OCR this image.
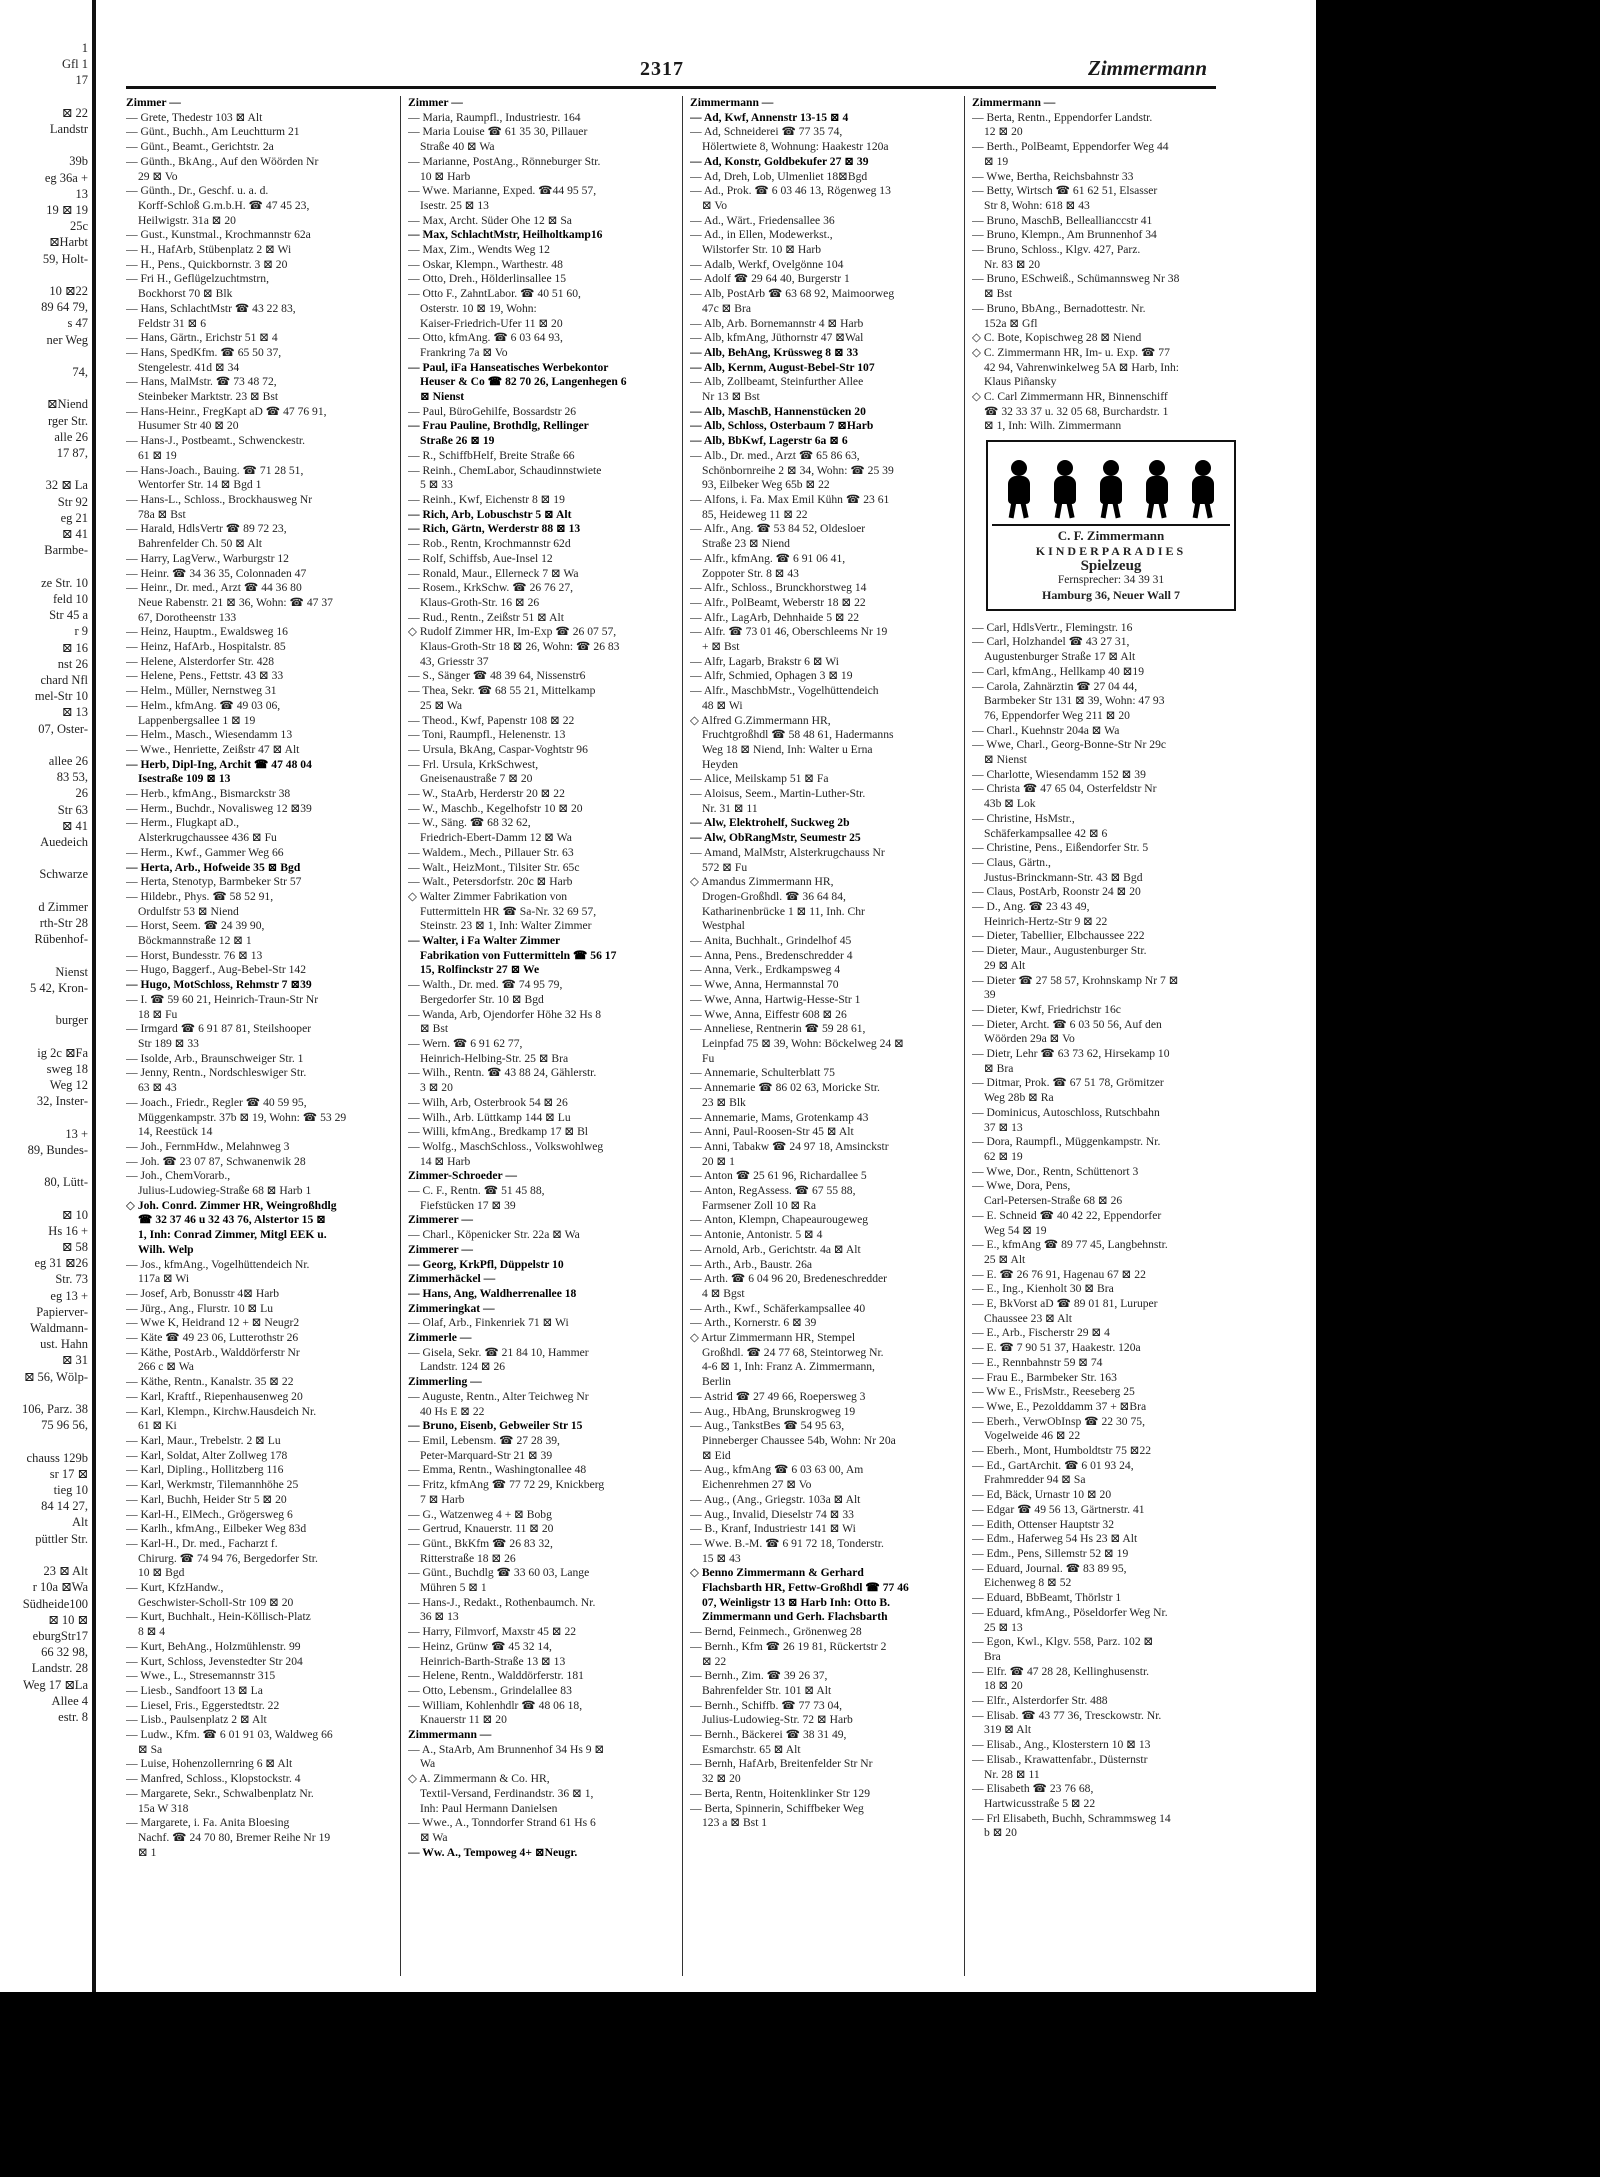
1
Gfl 1
17

⊠ 22
Landstr

39b
eg 36a +
13
19 ⊠ 19
25c
⊠Harbt
59, Holt-

10 ⊠22
89 64 79,
s 47
ner Weg

74,

⊠Niend
rger Str.
alle 26
17 87,

32 ⊠ La
Str 92
eg 21
⊠ 41
Barmbe-

ze Str. 10
feld 10
Str 45 a
r 9
⊠ 16
nst 26
chard Nfl
mel-Str 10
⊠ 13
07, Oster-

allee 26
83 53,
26
Str 63
⊠ 41
Auedeich

Schwarze

d Zimmer
rth-Str 28
Rübenhof-

Nienst
5 42, Kron-

burger

ig 2c ⊠Fa
sweg 18
Weg 12
32, Inster-

13 +
89, Bundes-

80, Lütt-

⊠ 10
Hs 16 +
⊠ 58
eg 31 ⊠26
Str. 73
eg 13 +
Papierver-
Waldmann-
ust. Hahn
⊠ 31
⊠ 56, Wölp-

106, Parz. 38
75 96 56,

chauss 129b
sr 17 ⊠
tieg 10
84 14 27,
Alt
püttler Str.

23 ⊠ Alt
r 10a ⊠Wa
Südheide100
⊠ 10 ⊠
eburgStr17
66 32 98,
Landstr. 28
Weg 17 ⊠La
Allee 4
estr. 8
2317	Zimmermann
Zimmer —
— Grete, Thedestr 103 ⊠ Alt
— Günt., Buchh., Am Leuchtturm 21
— Günt., Beamt., Gerichtstr. 2a
— Günth., BkAng., Auf den Wöörden Nr
29 ⊠ Vo
— Günth., Dr., Geschf. u. a. d.
Korff-Schloß G.m.b.H. ☎ 47 45 23,
Heilwigstr. 31a ⊠ 20
— Gust., Kunstmal., Krochmannstr 62a
— H., HafArb, Stübenplatz 2 ⊠ Wi
— H., Pens., Quickbornstr. 3 ⊠ 20
— Fri H., Geflügelzuchtmstrn,
Bockhorst 70 ⊠ Blk
— Hans, SchlachtMstr ☎ 43 22 83,
Feldstr 31 ⊠ 6
— Hans, Gärtn., Erichstr 51 ⊠ 4
— Hans, SpedKfm. ☎ 65 50 37,
Stengelestr. 41d ⊠ 34
— Hans, MalMstr. ☎ 73 48 72,
Steinbeker Marktstr. 23 ⊠ Bst
— Hans-Heinr., FregKapt aD ☎ 47 76 91,
Husumer Str 40 ⊠ 20
— Hans-J., Postbeamt., Schwenckestr.
61 ⊠ 19
— Hans-Joach., Bauing. ☎ 71 28 51,
Wentorfer Str. 14 ⊠ Bgd 1
— Hans-L., Schloss., Brockhausweg Nr
78a ⊠ Bst
— Harald, HdlsVertr ☎ 89 72 23,
Bahrenfelder Ch. 50 ⊠ Alt
— Harry, LagVerw., Warburgstr 12
— Heinr. ☎ 34 36 35, Colonnaden 47
— Heinr., Dr. med., Arzt ☎ 44 36 80
Neue Rabenstr. 21 ⊠ 36, Wohn: ☎ 47 37
67, Dorotheenstr 133
— Heinz, Hauptm., Ewaldsweg 16
— Heinz, HafArb., Hospitalstr. 85
— Helene, Alsterdorfer Str. 428
— Helene, Pens., Fettstr. 43 ⊠ 33
— Helm., Müller, Nernstweg 31
— Helm., kfmAng. ☎ 49 03 06,
Lappenbergsallee 1 ⊠ 19
— Helm., Masch., Wiesendamm 13
— Wwe., Henriette, Zeißstr 47 ⊠ Alt
— Herb, Dipl-Ing, Archit ☎ 47 48 04
Isestraße 109 ⊠ 13
— Herb., kfmAng., Bismarckstr 38
— Herm., Buchdr., Novalisweg 12 ⊠39
— Herm., Flugkapt aD.,
Alsterkrugchaussee 436 ⊠ Fu
— Herm., Kwf., Gammer Weg 66
— Herta, Arb., Hofweide 35 ⊠ Bgd
— Herta, Stenotyp, Barmbeker Str 57
— Hildebr., Phys. ☎ 58 52 91,
Ordulfstr 53 ⊠ Niend
— Horst, Seem. ☎ 24 39 90,
Böckmannstraße 12 ⊠ 1
— Horst, Bundesstr. 76 ⊠ 13
— Hugo, Baggerf., Aug-Bebel-Str 142
— Hugo, MotSchloss, Rehmstr 7 ⊠39
— I. ☎ 59 60 21, Heinrich-Traun-Str Nr
18 ⊠ Fu
— Irmgard ☎ 6 91 87 81, Steilshooper
Str 189 ⊠ 33
— Isolde, Arb., Braunschweiger Str. 1
— Jenny, Rentn., Nordschleswiger Str.
63 ⊠ 43
— Joach., Friedr., Regler ☎ 40 59 95,
Müggenkampstr. 37b ⊠ 19, Wohn: ☎ 53 29
14, Reestück 14
— Joh., FernmHdw., Melahnweg 3
— Joh. ☎ 23 07 87, Schwanenwik 28
— Joh., ChemVorarb.,
Julius-Ludowieg-Straße 68 ⊠ Harb 1
◇ Joh. Conrd. Zimmer HR, Weingroßhdlg
☎ 32 37 46 u 32 43 76, Alstertor 15 ⊠
1, Inh: Conrad Zimmer, Mitgl EEK u.
Wilh. Welp
— Jos., kfmAng., Vogelhüttendeich Nr.
117a ⊠ Wi
— Josef, Arb, Bonusstr 4⊠ Harb
— Jürg., Ang., Flurstr. 10 ⊠ Lu
— Wwe K, Heidrand 12 + ⊠ Neugr2
— Käte ☎ 49 23 06, Lutterothstr 26
— Käthe, PostArb., Walddörferstr Nr
266 c ⊠ Wa
— Käthe, Rentn., Kanalstr. 35 ⊠ 22
— Karl, Kraftf., Riepenhausenweg 20
— Karl, Klempn., Kirchw.Hausdeich Nr.
61 ⊠ Ki
— Karl, Maur., Trebelstr. 2 ⊠ Lu
— Karl, Soldat, Alter Zollweg 178
— Karl, Dipling., Hollitzberg 116
— Karl, Werkmstr, Tilemannhöhe 25
— Karl, Buchh, Heider Str 5 ⊠ 20
— Karl-H., ElMech., Grögersweg 6
— Karlh., kfmAng., Eilbeker Weg 83d
— Karl-H., Dr. med., Facharzt f.
Chirurg. ☎ 74 94 76, Bergedorfer Str.
10 ⊠ Bgd
— Kurt, KfzHandw.,
Geschwister-Scholl-Str 109 ⊠ 20
— Kurt, Buchhalt., Hein-Köllisch-Platz
8 ⊠ 4
— Kurt, BehAng., Holzmühlenstr. 99
— Kurt, Schloss, Jevenstedter Str 204
— Wwe., L., Stresemannstr 315
— Liesb., Sandfoort 13 ⊠ La
— Liesel, Fris., Eggerstedtstr. 22
— Lisb., Paulsenplatz 2 ⊠ Alt
— Ludw., Kfm. ☎ 6 01 91 03, Waldweg 66
⊠ Sa
— Luise, Hohenzollernring 6 ⊠ Alt
— Manfred, Schloss., Klopstockstr. 4
— Margarete, Sekr., Schwalbenplatz Nr.
15a W 318
— Margarete, i. Fa. Anita Bloesing
Nachf. ☎ 24 70 80, Bremer Reihe Nr 19
⊠ 1
Zimmer —
— Maria, Raumpfl., Industriestr. 164
— Maria Louise ☎ 61 35 30, Pillauer
Straße 40 ⊠ Wa
— Marianne, PostAng., Rönneburger Str.
10 ⊠ Harb
— Wwe. Marianne, Exped. ☎44 95 57,
Isestr. 25 ⊠ 13
— Max, Archt. Süder Ohe 12 ⊠ Sa
— Max, SchlachtMstr, Heilholtkamp16
— Max, Zim., Wendts Weg 12
— Oskar, Klempn., Warthestr. 48
— Otto, Dreh., Hölderlinsallee 15
— Otto F., ZahntLabor. ☎ 40 51 60,
Osterstr. 10 ⊠ 19, Wohn:
Kaiser-Friedrich-Ufer 11 ⊠ 20
— Otto, kfmAng. ☎ 6 03 64 93,
Frankring 7a ⊠ Vo
— Paul, iFa Hanseatisches Werbekontor
Heuser & Co ☎ 82 70 26, Langenhegen 6
⊠ Nienst
— Paul, BüroGehilfe, Bossardstr 26
— Frau Pauline, Brothdlg, Rellinger
Straße 26 ⊠ 19
— R., SchiffbHelf, Breite Straße 66
— Reinh., ChemLabor, Schaudinnstwiete
5 ⊠ 33
— Reinh., Kwf, Eichenstr 8 ⊠ 19
— Rich, Arb, Lobuschstr 5 ⊠ Alt
— Rich, Gärtn, Werderstr 88 ⊠ 13
— Rob., Rentn, Krochmannstr 62d
— Rolf, Schiffsb, Aue-Insel 12
— Ronald, Maur., Ellerneck 7 ⊠ Wa
— Rosem., KrkSchw. ☎ 26 76 27,
Klaus-Groth-Str. 16 ⊠ 26
— Rud., Rentn., Zeißstr 51 ⊠ Alt
◇ Rudolf Zimmer HR, Im-Exp ☎ 26 07 57,
Klaus-Groth-Str 18 ⊠ 26, Wohn: ☎ 26 83
43, Griesstr 37
— S., Sänger ☎ 48 39 64, Nissenstr6
— Thea, Sekr. ☎ 68 55 21, Mittelkamp
25 ⊠ Wa
— Theod., Kwf, Papenstr 108 ⊠ 22
— Toni, Raumpfl., Helenenstr. 13
— Ursula, BkAng, Caspar-Voghtstr 96
— Frl. Ursula, KrkSchwest,
Gneisenaustraße 7 ⊠ 20
— W., StaArb, Herderstr 20 ⊠ 22
— W., Maschb., Kegelhofstr 10 ⊠ 20
— W., Säng. ☎ 68 32 62,
Friedrich-Ebert-Damm 12 ⊠ Wa
— Waldem., Mech., Pillauer Str. 63
— Walt., HeizMont., Tilsiter Str. 65c
— Walt., Petersdorfstr. 20c ⊠ Harb
◇ Walter Zimmer Fabrikation von
Futtermitteln HR ☎ Sa-Nr. 32 69 57,
Steinstr. 23 ⊠ 1, Inh: Walter Zimmer
— Walter, i Fa Walter Zimmer
Fabrikation von Futtermitteln ☎ 56 17
15, Rolfinckstr 27 ⊠ We
— Walth., Dr. med. ☎ 74 95 79,
Bergedorfer Str. 10 ⊠ Bgd
— Wanda, Arb, Ojendorfer Höhe 32 Hs 8
⊠ Bst
— Wern. ☎ 6 91 62 77,
Heinrich-Helbing-Str. 25 ⊠ Bra
— Wilh., Rentn. ☎ 43 88 24, Gählerstr.
3 ⊠ 20
— Wilh, Arb, Osterbrook 54 ⊠ 26
— Wilh., Arb. Lüttkamp 144 ⊠ Lu
— Willi, kfmAng., Bredkamp 17 ⊠ Bl
— Wolfg., MaschSchloss., Volkswohlweg
14 ⊠ Harb
Zimmer-Schroeder —
— C. F., Rentn. ☎ 51 45 88,
Fiefstücken 17 ⊠ 39
Zimmerer —
— Charl., Köpenicker Str. 22a ⊠ Wa
Zimmerer —
— Georg, KrkPfl, Düppelstr 10
Zimmerhäckel —
— Hans, Ang, Waldherrenallee 18
Zimmeringkat —
— Olaf, Arb., Finkenriek 71 ⊠ Wi
Zimmerle —
— Gisela, Sekr. ☎ 21 84 10, Hammer
Landstr. 124 ⊠ 26
Zimmerling —
— Auguste, Rentn., Alter Teichweg Nr
40 Hs E ⊠ 22
— Bruno, Eisenb, Gebweiler Str 15
— Emil, Lebensm. ☎ 27 28 39,
Peter-Marquard-Str 21 ⊠ 39
— Emma, Rentn., Washingtonallee 48
— Fritz, kfmAng ☎ 77 72 29, Knickberg
7 ⊠ Harb
— G., Watzenweg 4 + ⊠ Bobg
— Gertrud, Knauerstr. 11 ⊠ 20
— Günt., BkKfm ☎ 26 83 32,
Ritterstraße 18 ⊠ 26
— Günt., Buchdlg ☎ 33 60 03, Lange
Mühren 5 ⊠ 1
— Hans-J., Redakt., Rothenbaumch. Nr.
36 ⊠ 13
— Harry, Filmvorf, Maxstr 45 ⊠ 22
— Heinz, Grünw ☎ 45 32 14,
Heinrich-Barth-Straße 13 ⊠ 13
— Helene, Rentn., Walddörferstr. 181
— Otto, Lebensm., Grindelallee 83
— William, Kohlenhdlr ☎ 48 06 18,
Knauerstr 11 ⊠ 20
Zimmermann —
— A., StaArb, Am Brunnenhof 34 Hs 9 ⊠
Wa
◇ A. Zimmermann & Co. HR,
Textil-Versand, Ferdinandstr. 36 ⊠ 1,
Inh: Paul Hermann Danielsen
— Wwe., A., Tonndorfer Strand 61 Hs 6
⊠ Wa
— Ww. A., Tempoweg 4+ ⊠Neugr.
Zimmermann —
— Ad, Kwf, Annenstr 13-15 ⊠ 4
— Ad, Schneiderei ☎ 77 35 74,
Hölertwiete 8, Wohnung: Haakestr 120a
— Ad, Konstr, Goldbekufer 27 ⊠ 39
— Ad, Dreh, Lob, Ulmenliet 18⊠Bgd
— Ad., Prok. ☎ 6 03 46 13, Rögenweg 13
⊠ Vo
— Ad., Wärt., Friedensallee 36
— Ad., in Ellen, Modewerkst.,
Wilstorfer Str. 10 ⊠ Harb
— Adalb, Werkf, Ovelgönne 104
— Adolf ☎ 29 64 40, Burgerstr 1
— Alb, PostArb ☎ 63 68 92, Maimoorweg
47c ⊠ Bra
— Alb, Arb. Bornemannstr 4 ⊠ Harb
— Alb, kfmAng, Jüthornstr 47 ⊠Wal
— Alb, BehAng, Krüssweg 8 ⊠ 33
— Alb, Kernm, August-Bebel-Str 107
— Alb, Zollbeamt, Steinfurther Allee
Nr 13 ⊠ Bst
— Alb, MaschB, Hannenstücken 20
— Alb, Schloss, Osterbaum 7 ⊠Harb
— Alb, BbKwf, Lagerstr 6a ⊠ 6
— Alb., Dr. med., Arzt ☎ 65 86 63,
Schönbornreihe 2 ⊠ 34, Wohn: ☎ 25 39
93, Eilbeker Weg 65b ⊠ 22
— Alfons, i. Fa. Max Emil Kühn ☎ 23 61
85, Heideweg 11 ⊠ 22
— Alfr., Ang. ☎ 53 84 52, Oldesloer
Straße 23 ⊠ Niend
— Alfr., kfmAng. ☎ 6 91 06 41,
Zoppoter Str. 8 ⊠ 43
— Alfr., Schloss., Brunckhorstweg 14
— Alfr., PolBeamt, Weberstr 18 ⊠ 22
— Alfr., LagArb, Dehnhaide 5 ⊠ 22
— Alfr. ☎ 73 01 46, Oberschleems Nr 19
+ ⊠ Bst
— Alfr, Lagarb, Brakstr 6 ⊠ Wi
— Alfr, Schmied, Ophagen 3 ⊠ 19
— Alfr., MaschbMstr., Vogelhüttendeich
48 ⊠ Wi
◇ Alfred G.Zimmermann HR,
Fruchtgroßhdl ☎ 58 48 61, Hadermanns
Weg 18 ⊠ Niend, Inh: Walter u Erna
Heyden
— Alice, Meilskamp 51 ⊠ Fa
— Aloisus, Seem., Martin-Luther-Str.
Nr. 31 ⊠ 11
— Alw, Elektrohelf, Suckweg 2b
— Alw, ObRangMstr, Seumestr 25
— Amand, MalMstr, Alsterkrugchauss Nr
572 ⊠ Fu
◇ Amandus Zimmermann HR,
Drogen-Großhdl. ☎ 36 64 84,
Katharinenbrücke 1 ⊠ 11, Inh. Chr
Westphal
— Anita, Buchhalt., Grindelhof 45
— Anna, Pens., Bredenschredder 4
— Anna, Verk., Erdkampsweg 4
— Wwe, Anna, Hermannstal 70
— Wwe, Anna, Hartwig-Hesse-Str 1
— Wwe, Anna, Eiffestr 608 ⊠ 26
— Anneliese, Rentnerin ☎ 59 28 61,
Leinpfad 75 ⊠ 39, Wohn: Böckelweg 24 ⊠
Fu
— Annemarie, Schulterblatt 75
— Annemarie ☎ 86 02 63, Moricke Str.
23 ⊠ Blk
— Annemarie, Mams, Grotenkamp 43
— Anni, Paul-Roosen-Str 45 ⊠ Alt
— Anni, Tabakw ☎ 24 97 18, Amsinckstr
20 ⊠ 1
— Anton ☎ 25 61 96, Richardallee 5
— Anton, RegAssess. ☎ 67 55 88,
Farmsener Zoll 10 ⊠ Ra
— Anton, Klempn, Chapeaurougeweg
— Antonie, Antonistr. 5 ⊠ 4
— Arnold, Arb., Gerichtstr. 4a ⊠ Alt
— Arth., Arb., Baustr. 26a
— Arth. ☎ 6 04 96 20, Bredeneschredder
4 ⊠ Bgst
— Arth., Kwf., Schäferkampsallee 40
— Arth., Kornerstr. 6 ⊠ 39
◇ Artur Zimmermann HR, Stempel
Großhdl. ☎ 24 77 68, Steintorweg Nr.
4-6 ⊠ 1, Inh: Franz A. Zimmermann,
Berlin
— Astrid ☎ 27 49 66, Roepersweg 3
— Aug., HbAng, Brunskrogweg 19
— Aug., TankstBes ☎ 54 95 63,
Pinneberger Chaussee 54b, Wohn: Nr 20a
⊠ Eid
— Aug., kfmAng ☎ 6 03 63 00, Am
Eichenrehmen 27 ⊠ Vo
— Aug., (Ang., Griegstr. 103a ⊠ Alt
— Aug., Invalid, Dieselstr 74 ⊠ 33
— B., Kranf, Industriestr 141 ⊠ Wi
— Wwe. B.-M. ☎ 6 91 72 18, Tonderstr.
15 ⊠ 43
◇ Benno Zimmermann & Gerhard
Flachsbarth HR, Fettw-Großhdl ☎ 77 46
07, Weinligstr 13 ⊠ Harb Inh: Otto B.
Zimmermann und Gerh. Flachsbarth
— Bernd, Feinmech., Grönenweg 28
— Bernh., Kfm ☎ 26 19 81, Rückertstr 2
⊠ 22
— Bernh., Zim. ☎ 39 26 37,
Bahrenfelder Str. 101 ⊠ Alt
— Bernh., Schiffb. ☎ 77 73 04,
Julius-Ludowieg-Str. 72 ⊠ Harb
— Bernh., Bäckerei ☎ 38 31 49,
Esmarchstr. 65 ⊠ Alt
— Bernh, HafArb, Breitenfelder Str Nr
32 ⊠ 20
— Berta, Rentn, Hoitenklinker Str 129
— Berta, Spinnerin, Schiffbeker Weg
123 a ⊠ Bst 1
Zimmermann —
— Berta, Rentn., Eppendorfer Landstr.
12 ⊠ 20
— Berth., PolBeamt, Eppendorfer Weg 44
⊠ 19
— Wwe, Bertha, Reichsbahnstr 33
— Betty, Wirtsch ☎ 61 62 51, Elsasser
Str 8, Wohn: 618 ⊠ 43
— Bruno, MaschB, Belleallianccstr 41
— Bruno, Klempn., Am Brunnenhof 34
— Bruno, Schloss., Klgv. 427, Parz.
Nr. 83 ⊠ 20
— Bruno, ESchweiß., Schümannsweg Nr 38
⊠ Bst
— Bruno, BbAng., Bernadottestr. Nr.
152a ⊠ Gfl
◇ C. Bote, Kopischweg 28 ⊠ Niend
◇ C. Zimmermann HR, Im- u. Exp. ☎ 77
42 94, Vahrenwinkelweg 5A ⊠ Harb, Inh:
Klaus Piñansky
◇ C. Carl Zimmermann HR, Binnenschiff
☎ 32 33 37 u. 32 05 68, Burchardstr. 1
⊠ 1, Inh: Wilh. Zimmermann
C. F. Zimmermann
KINDERPARADIES
Spielzeug
Fernsprecher: 34 39 31
Hamburg 36, Neuer Wall 7
— Carl, HdlsVertr., Flemingstr. 16
— Carl, Holzhandel ☎ 43 27 31,
Augustenburger Straße 17 ⊠ Alt
— Carl, kfmAng., Hellkamp 40 ⊠19
— Carola, Zahnärztin ☎ 27 04 44,
Barmbeker Str 131 ⊠ 39, Wohn: 47 93
76, Eppendorfer Weg 211 ⊠ 20
— Charl., Kuehnstr 204a ⊠ Wa
— Wwe, Charl., Georg-Bonne-Str Nr 29c
⊠ Nienst
— Charlotte, Wiesendamm 152 ⊠ 39
— Christa ☎ 47 65 04, Osterfeldstr Nr
43b ⊠ Lok
— Christine, HsMstr.,
Schäferkampsallee 42 ⊠ 6
— Christine, Pens., Eißendorfer Str. 5
— Claus, Gärtn.,
Justus-Brinckmann-Str. 43 ⊠ Bgd
— Claus, PostArb, Roonstr 24 ⊠ 20
— D., Ang. ☎ 23 43 49,
Heinrich-Hertz-Str 9 ⊠ 22
— Dieter, Tabellier, Elbchaussee 222
— Dieter, Maur., Augustenburger Str.
29 ⊠ Alt
— Dieter ☎ 27 58 57, Krohnskamp Nr 7 ⊠
39
— Dieter, Kwf, Friedrichstr 16c
— Dieter, Archt. ☎ 6 03 50 56, Auf den
Wöörden 29a ⊠ Vo
— Dietr, Lehr ☎ 63 73 62, Hirsekamp 10
⊠ Bra
— Ditmar, Prok. ☎ 67 51 78, Grömitzer
Weg 28b ⊠ Ra
— Dominicus, Autoschloss, Rutschbahn
37 ⊠ 13
— Dora, Raumpfl., Müggenkampstr. Nr.
62 ⊠ 19
— Wwe, Dor., Rentn, Schüttenort 3
— Wwe, Dora, Pens,
Carl-Petersen-Straße 68 ⊠ 26
— E. Schneid ☎ 40 42 22, Eppendorfer
Weg 54 ⊠ 19
— E., kfmAng ☎ 89 77 45, Langbehnstr.
25 ⊠ Alt
— E. ☎ 26 76 91, Hagenau 67 ⊠ 22
— E., Ing., Kienholt 30 ⊠ Bra
— E, BkVorst aD ☎ 89 01 81, Luruper
Chaussee 23 ⊠ Alt
— E., Arb., Fischerstr 29 ⊠ 4
— E. ☎ 7 90 51 37, Haakestr. 120a
— E., Rennbahnstr 59 ⊠ 74
— Frau E., Barmbeker Str. 163
— Ww E., FrisMstr., Reeseberg 25
— Wwe, E., Pezolddamm 37 + ⊠Bra
— Eberh., VerwObInsp ☎ 22 30 75,
Vogelweide 46 ⊠ 22
— Eberh., Mont, Humboldtstr 75 ⊠22
— Ed., GartArchit. ☎ 6 01 93 24,
Frahmredder 94 ⊠ Sa
— Ed, Bäck, Urnastr 10 ⊠ 20
— Edgar ☎ 49 56 13, Gärtnerstr. 41
— Edith, Ottenser Hauptstr 32
— Edm., Haferweg 54 Hs 23 ⊠ Alt
— Edm., Pens, Sillemstr 52 ⊠ 19
— Eduard, Journal. ☎ 83 89 95,
Eichenweg 8 ⊠ 52
— Eduard, BbBeamt, Thörlstr 1
— Eduard, kfmAng., Pöseldorfer Weg Nr.
25 ⊠ 13
— Egon, Kwl., Klgv. 558, Parz. 102 ⊠
Bra
— Elfr. ☎ 47 28 28, Kellinghusenstr.
18 ⊠ 20
— Elfr., Alsterdorfer Str. 488
— Elisab. ☎ 43 77 36, Tresckowstr. Nr.
319 ⊠ Alt
— Elisab., Ang., Klosterstern 10 ⊠ 13
— Elisab., Krawattenfabr., Düsternstr
Nr. 28 ⊠ 11
— Elisabeth ☎ 23 76 68,
Hartwicusstraße 5 ⊠ 22
— Frl Elisabeth, Buchh, Schrammsweg 14
b ⊠ 20
